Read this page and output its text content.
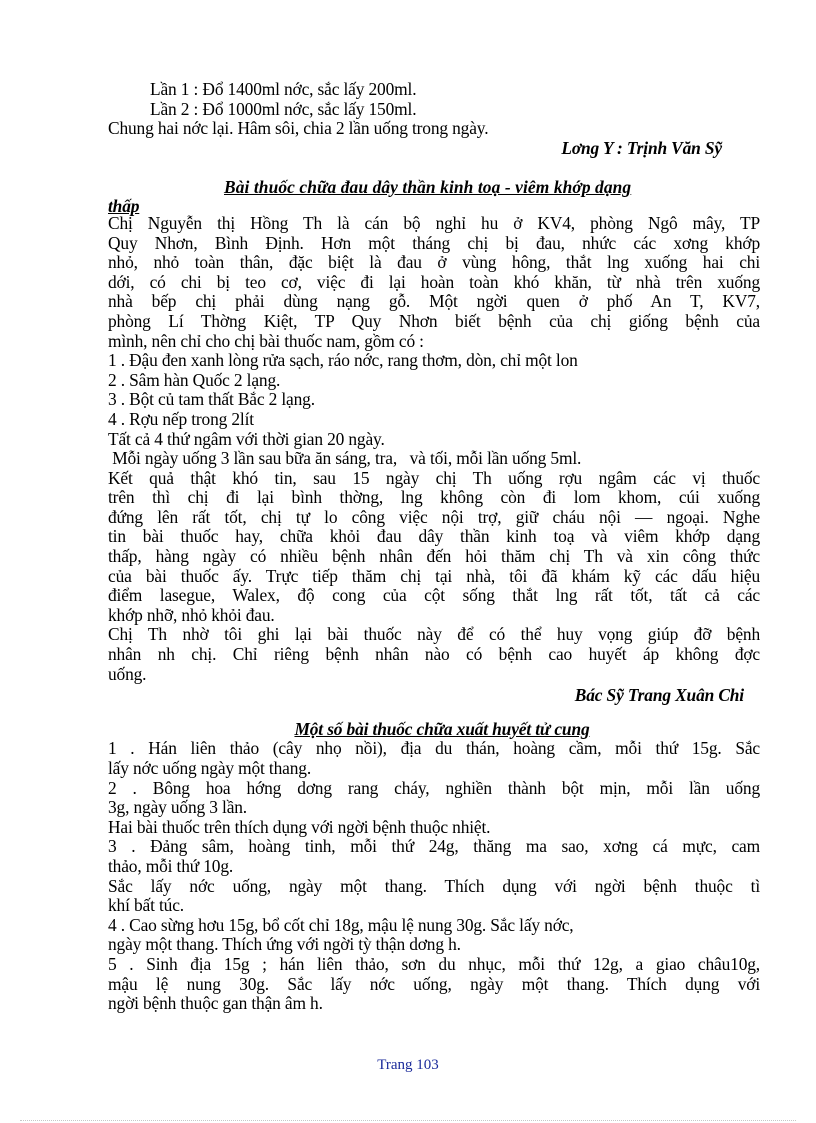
Lần 1 : Đổ 1400ml nớc, sắc lấy 200ml.
Lần 2 : Đổ 1000ml nớc, sắc lấy 150ml.
Chung hai nớc lại. Hâm sôi, chia 2 lần uống trong ngày.
Lơng Y : Trịnh Văn Sỹ
Bài thuốc chữa đau dây thần kinh toạ - viêm khớp dạng
thấp
Chị Nguyễn thị Hồng Th là cán bộ nghỉ hu ở KV4, phòng Ngô mây, TP
Quy Nhơn, Bình Định. Hơn một tháng chị bị đau, nhức các xơng khớp
nhỏ, nhỏ toàn thân, đặc biệt là đau ở vùng hông, thắt lng xuống hai chi
dới, có chi bị teo cơ, việc đi lại hoàn toàn khó khăn, từ nhà trên xuống
nhà bếp chị phải dùng nạng gỗ. Một ngời quen ở phố An T, KV7,
phòng Lí Thờng Kiệt, TP Quy Nhơn biết bệnh của chị giống bệnh của
mình, nên chỉ cho chị bài thuốc nam, gồm có :
1 . Đậu đen xanh lòng rửa sạch, ráo nớc, rang thơm, dòn, chỉ một lon
2 . Sâm hàn Quốc 2 lạng.
3 . Bột củ tam thất Bắc 2 lạng.
4 . Rợu nếp trong 2lít
Tất cả 4 thứ ngâm với thời gian 20 ngày.
Mỗi ngày uống 3 lần sau bữa ăn sáng, tra,   và tối, mỗi lần uống 5ml.
Kết quả thật khó tin, sau 15 ngày chị Th uống rợu ngâm các vị thuốc
trên thì chị đi lại bình thờng, lng không còn đi lom khom, cúi xuống
đứng lên rất tốt, chị tự lo công việc nội trợ, giữ cháu nội — ngoại. Nghe
tin bài thuốc hay, chữa khỏi đau dây thần kinh toạ và viêm khớp dạng
thấp, hàng ngày có nhiều bệnh nhân đến hỏi thăm chị Th và xin công thức
của bài thuốc ấy. Trực tiếp thăm chị tại nhà, tôi đã khám kỹ các dấu hiệu
điểm lasegue, Walex, độ cong của cột sống thắt lng rất tốt, tất cả các
khớp nhỡ, nhỏ khỏi đau.
Chị Th nhờ tôi ghi lại bài thuốc này để có thể huy vọng giúp đỡ bệnh
nhân nh chị. Chỉ riêng bệnh nhân nào có bệnh cao huyết áp không đợc
uống.
Bác Sỹ Trang Xuân Chi
Một số bài thuốc chữa xuất huyết tử cung
1 . Hán liên thảo (cây nhọ nồi), địa du thán, hoàng cầm, mỗi thứ 15g. Sắc
lấy nớc uống ngày một thang.
2 . Bông hoa hớng dơng rang cháy, nghiền thành bột mịn, mỗi lần uống
3g, ngày uống 3 lần.
Hai bài thuốc trên thích dụng với ngời bệnh thuộc nhiệt.
3 . Đảng sâm, hoàng tinh, mỗi thứ 24g, thăng ma sao, xơng cá mực, cam
thảo, mỗi thứ 10g.
Sắc lấy nớc uống, ngày một thang. Thích dụng với ngời bệnh thuộc tì
khí bất túc.
4 . Cao sừng hơu 15g, bổ cốt chỉ 18g, mậu lệ nung 30g. Sắc lấy nớc,
ngày một thang. Thích ứng với ngời tỳ thận dơng h.
5 . Sinh địa 15g ; hán liên thảo, sơn du nhục, mỗi thứ 12g, a giao châu10g,
mậu lệ nung 30g. Sắc lấy nớc uống, ngày một thang. Thích dụng với
ngời bệnh thuộc gan thận âm h.
Trang 103
